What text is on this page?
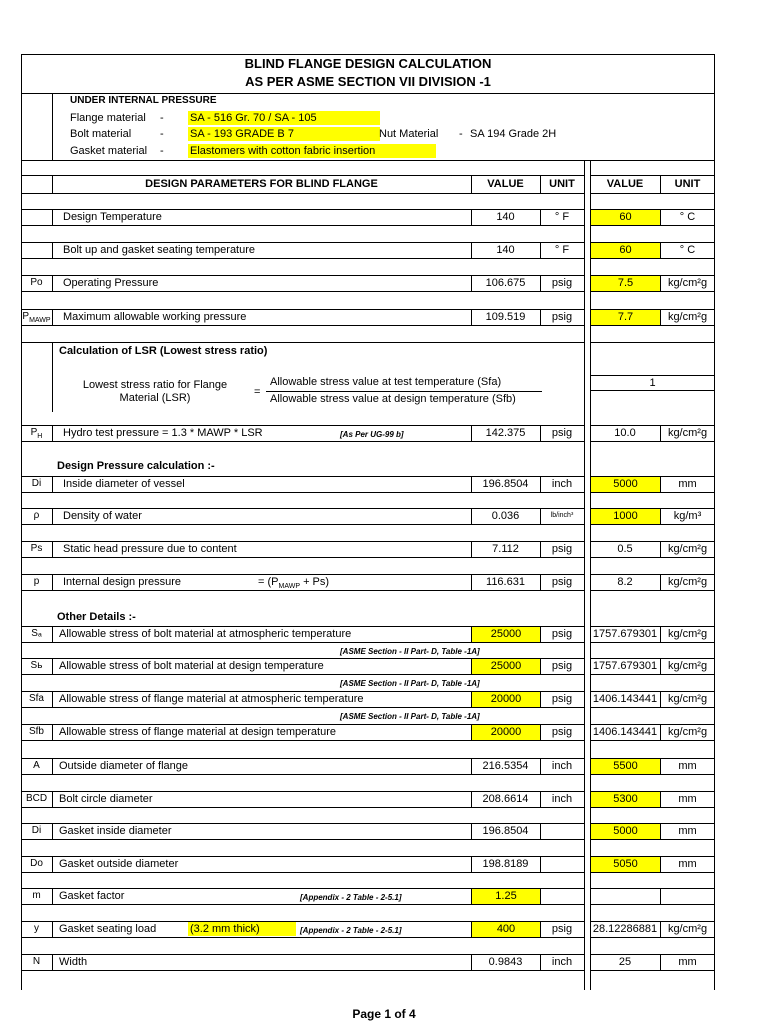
BLIND FLANGE DESIGN CALCULATION
AS PER ASME SECTION VII DIVISION -1
UNDER INTERNAL PRESSURE
Flange material - SA - 516 Gr. 70 / SA - 105
Bolt material	- SA - 193 GRADE B 7	Nut Material - SA 194 Grade 2H
Gasket material - Elastomers with cotton fabric insertion
DESIGN PARAMETERS FOR BLIND FLANGE	VALUE	UNIT	VALUE	UNIT
Design Temperature	140	° F	60	° C
Bolt up and gasket seating temperature	140	° F	60	° C
Po	Operating Pressure	106.675	psig	7.5	kg/cm²g
$P_{MAWP}$ Maximum allowable working pressure	109.519	psig	7.7	kg/cm²g
$P_H$	Hydro test pressure = 1.3 * MAWP * LSR	[As Per UG-99 b]	142.375	psig	10.0	kg/cm²g
Di	Inside diameter of vessel	196.8504	inch	5000	mm
ρ	Density of water	0.036	lb/inch³	1000	kg/m³
Ps	Static head pressure due to content	7.112	psig	0.5	kg/cm²g
p	Internal design pressure	= $(P_{MAWP} + Ps)$	116.631	psig	8.2	kg/cm²g
Sₐ	Allowable stress of bolt material at atmospheric temperature	25000	psig	1757.679301 kg/cm²g
[ASME Section - II Part- D, Table -1A]
Sь	Allowable stress of bolt material at design temperature	25000	psig	1757.679301 kg/cm²g
[ASME Section - II Part- D, Table -1A]
Sfa	Allowable stress of flange material at atmospheric temperature	20000	psig	1406.143441 kg/cm²g
[ASME Section - II Part- D, Table -1A]
Sfb	Allowable stress of flange material at design temperature	20000	psig	1406.143441 kg/cm²g
A	Outside diameter of flange	216.5354	inch	5500	mm
BCD	Bolt circle diameter	208.6614	inch	5300	mm
Di	Gasket inside diameter	196.8504	5000	mm
Do	Gasket outside diameter	198.8189	5050	mm
m	Gasket factor	[Appendix - 2 Table - 2-5.1]	1.25
y	Gasket seating load	(3.2 mm thick)	[Appendix - 2 Table - 2-5.1]	400	psig	28.12286881 kg/cm²g
N	Width	0.9843	inch	25	mm
Calculation of LSR (Lowest stress ratio)
Lowest stress ratio for Flange
Material (LSR)	=
Allowable stress value at test temperature (Sfa)
Allowable stress value at design temperature (Sfb)
1
Design Pressure calculation :-
Other Details :-
Page 1 of 4
